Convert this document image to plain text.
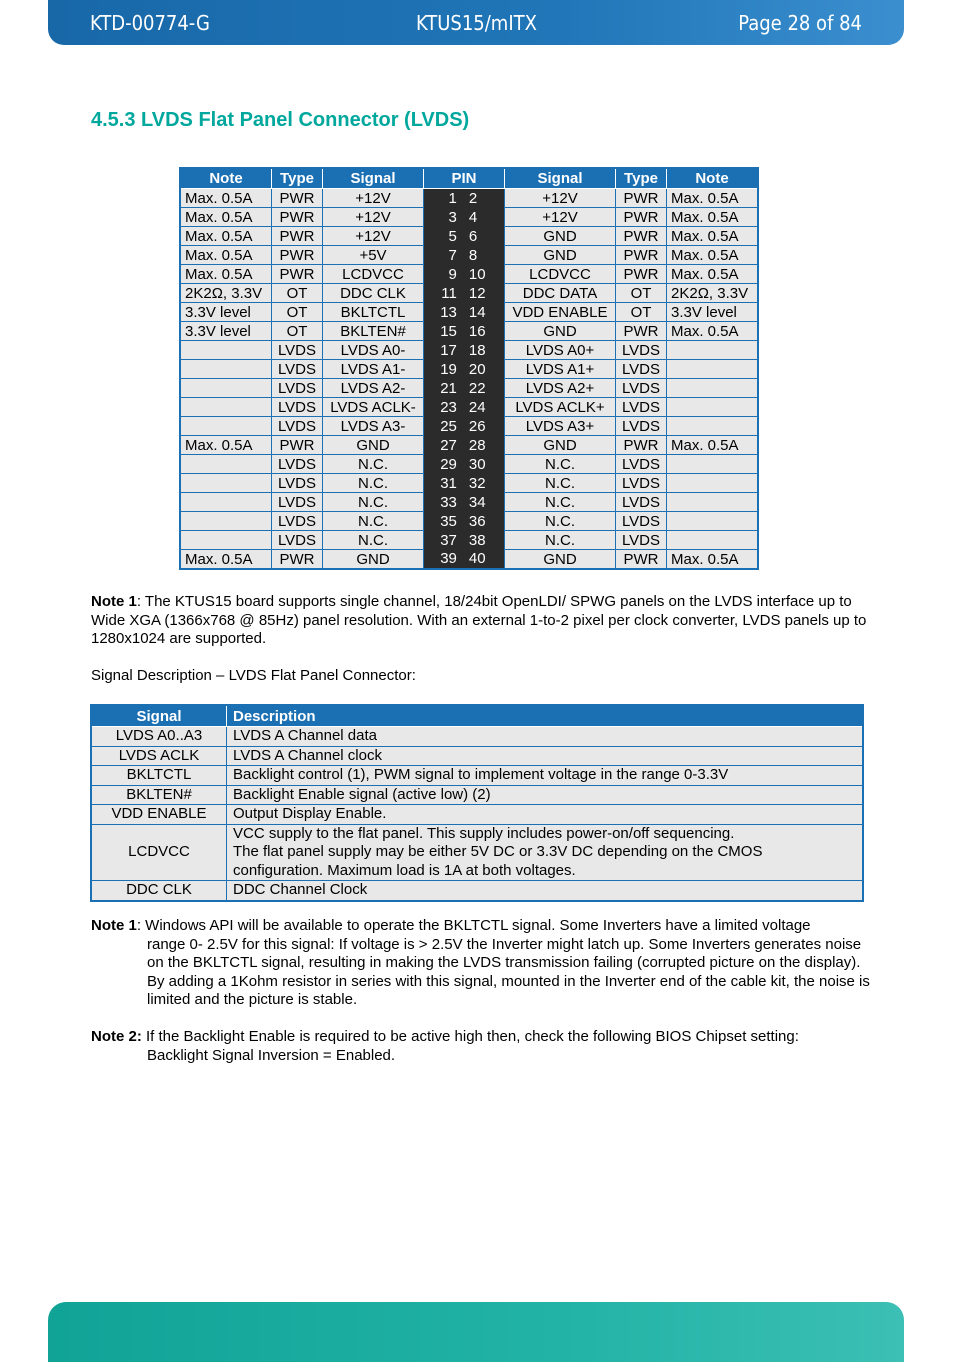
KTD-00774-G	KTUS15/mITX	Page 28 of 84
4.5.3 LVDS Flat Panel Connector (LVDS)
Note	Type	Signal	PIN		Signal	Type	Note
Max. 0.5A	PWR	+12V	1	2	+12V	PWR	Max. 0.5A
Max. 0.5A	PWR	+12V	3	4	+12V	PWR	Max. 0.5A
Max. 0.5A	PWR	+12V	5	6	GND	PWR	Max. 0.5A
Max. 0.5A	PWR	+5V	7	8	GND	PWR	Max. 0.5A
Max. 0.5A	PWR	LCDVCC	9	10	LCDVCC	PWR	Max. 0.5A
2K2Ω, 3.3V	OT	DDC CLK	11	12	DDC DATA	OT	2K2Ω, 3.3V
3.3V level	OT	BKLTCTL	13	14	VDD ENABLE	OT	3.3V level
3.3V level	OT	BKLTEN#	15	16	GND	PWR	Max. 0.5A
	LVDS	LVDS A0-	17	18	LVDS A0+	LVDS	
	LVDS	LVDS A1-	19	20	LVDS A1+	LVDS	
	LVDS	LVDS A2-	21	22	LVDS A2+	LVDS	
	LVDS	LVDS ACLK-	23	24	LVDS ACLK+	LVDS	
	LVDS	LVDS A3-	25	26	LVDS A3+	LVDS	
Max. 0.5A	PWR	GND	27	28	GND	PWR	Max. 0.5A
	LVDS	N.C.	29	30	N.C.	LVDS	
	LVDS	N.C.	31	32	N.C.	LVDS	
	LVDS	N.C.	33	34	N.C.	LVDS	
	LVDS	N.C.	35	36	N.C.	LVDS	
	LVDS	N.C.	37	38	N.C.	LVDS	
Max. 0.5A	PWR	GND	39	40	GND	PWR	Max. 0.5A

Note 1: The KTUS15 board supports single channel, 18/24bit OpenLDI/ SPWG panels on the LVDS interface up to Wide XGA (1366x768 @ 85Hz) panel resolution. With an external 1-to-2 pixel per clock converter, LVDS panels up to 1280x1024 are supported.

Signal Description – LVDS Flat Panel Connector:

Signal	Description
LVDS A0..A3	LVDS A Channel data

LVDS ACLK	LVDS A Channel clock

BKLTCTL	Backlight control (1), PWM signal to implement voltage in the range 0-3.3V

BKLTEN#	Backlight Enable signal (active low) (2)

VDD ENABLE	Output Display Enable.

LCDVCC	VCC supply to the flat panel. This supply includes power-on/off sequencing.
The flat panel supply may be either 5V DC or 3.3V DC depending on the CMOS configuration. Maximum load is 1A at both voltages.

DDC CLK	DDC Channel Clock
Note 1: Windows API will be available to operate the BKLTCTL signal. Some Inverters have a limited voltage
range 0- 2.5V for this signal: If voltage is > 2.5V the Inverter might latch up. Some Inverters generates noise on the BKLTCTL signal, resulting in making the LVDS transmission failing (corrupted picture on the display). By adding a 1Kohm resistor in series with this signal, mounted in the Inverter end of the cable kit, the noise is limited and the picture is stable.
Note 2: If the Backlight Enable is required to be active high then, check the following BIOS Chipset setting:
Backlight Signal Inversion = Enabled.
